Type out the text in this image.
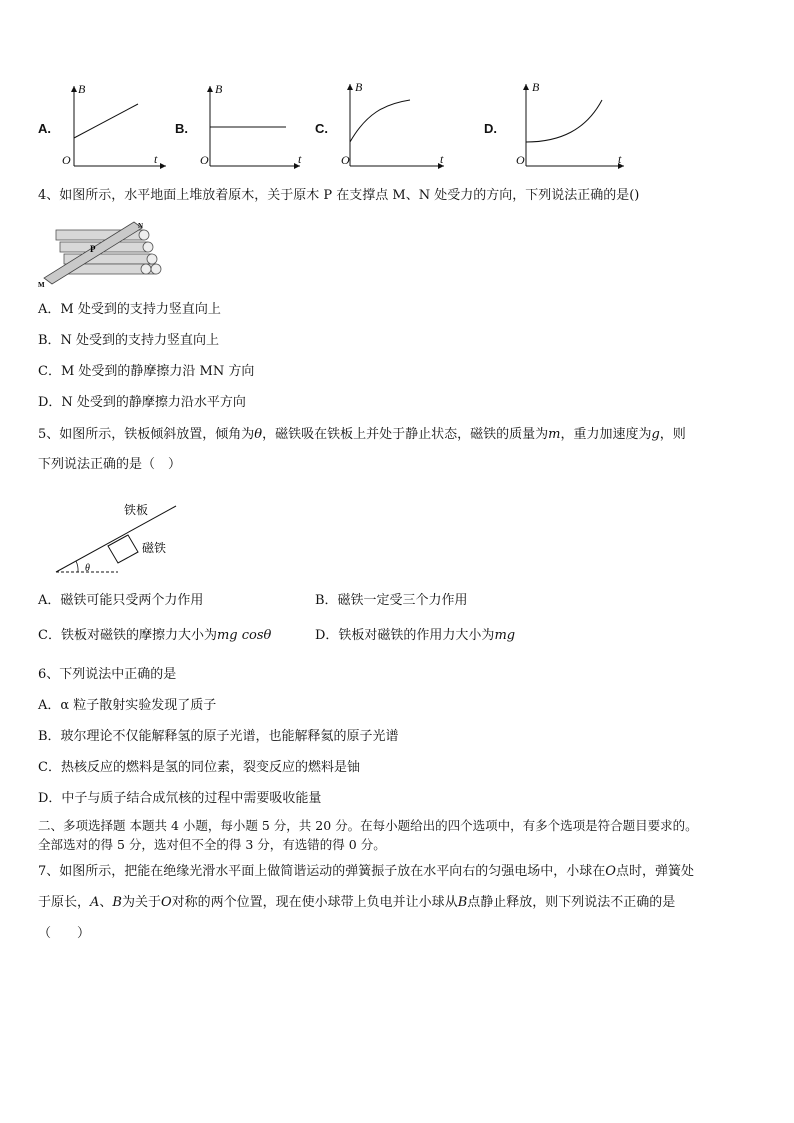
A.
B
t
O
B.
B
t
O
C.
B
t
O
D.
B
t
O
4、如图所示，水平地面上堆放着原木，关于原木 P 在支撑点 M、N 处受力的方向，下列说法正确的是()
P
M
N
A．M 处受到的支持力竖直向上
B．N 处受到的支持力竖直向上
C．M 处受到的静摩擦力沿 MN 方向
D．N 处受到的静摩擦力沿水平方向
5、如图所示，铁板倾斜放置，倾角为θ，磁铁吸在铁板上并处于静止状态，磁铁的质量为m，重力加速度为g，则
下列说法正确的是（　）
铁板
磁铁
θ
A．磁铁可能只受两个力作用	B．磁铁一定受三个力作用
C．铁板对磁铁的摩擦力大小为mg cosθ	D．铁板对磁铁的作用力大小为mg
6、下列说法中正确的是
A．α 粒子散射实验发现了质子
B．玻尔理论不仅能解释氢的原子光谱，也能解释氦的原子光谱
C．热核反应的燃料是氢的同位素，裂变反应的燃料是铀
D．中子与质子结合成氘核的过程中需要吸收能量
二、多项选择题 本题共 4 小题，每小题 5 分，共 20 分。在每小题给出的四个选项中，有多个选项是符合题目要求的。
全部选对的得 5 分，选对但不全的得 3 分，有选错的得 0 分。
7、如图所示，把能在绝缘光滑水平面上做简谐运动的弹簧振子放在水平向右的匀强电场中，小球在O点时，弹簧处
于原长，A、B为关于O对称的两个位置，现在使小球带上负电并让小球从B点静止释放，则下列说法不正确的是
（　　）
